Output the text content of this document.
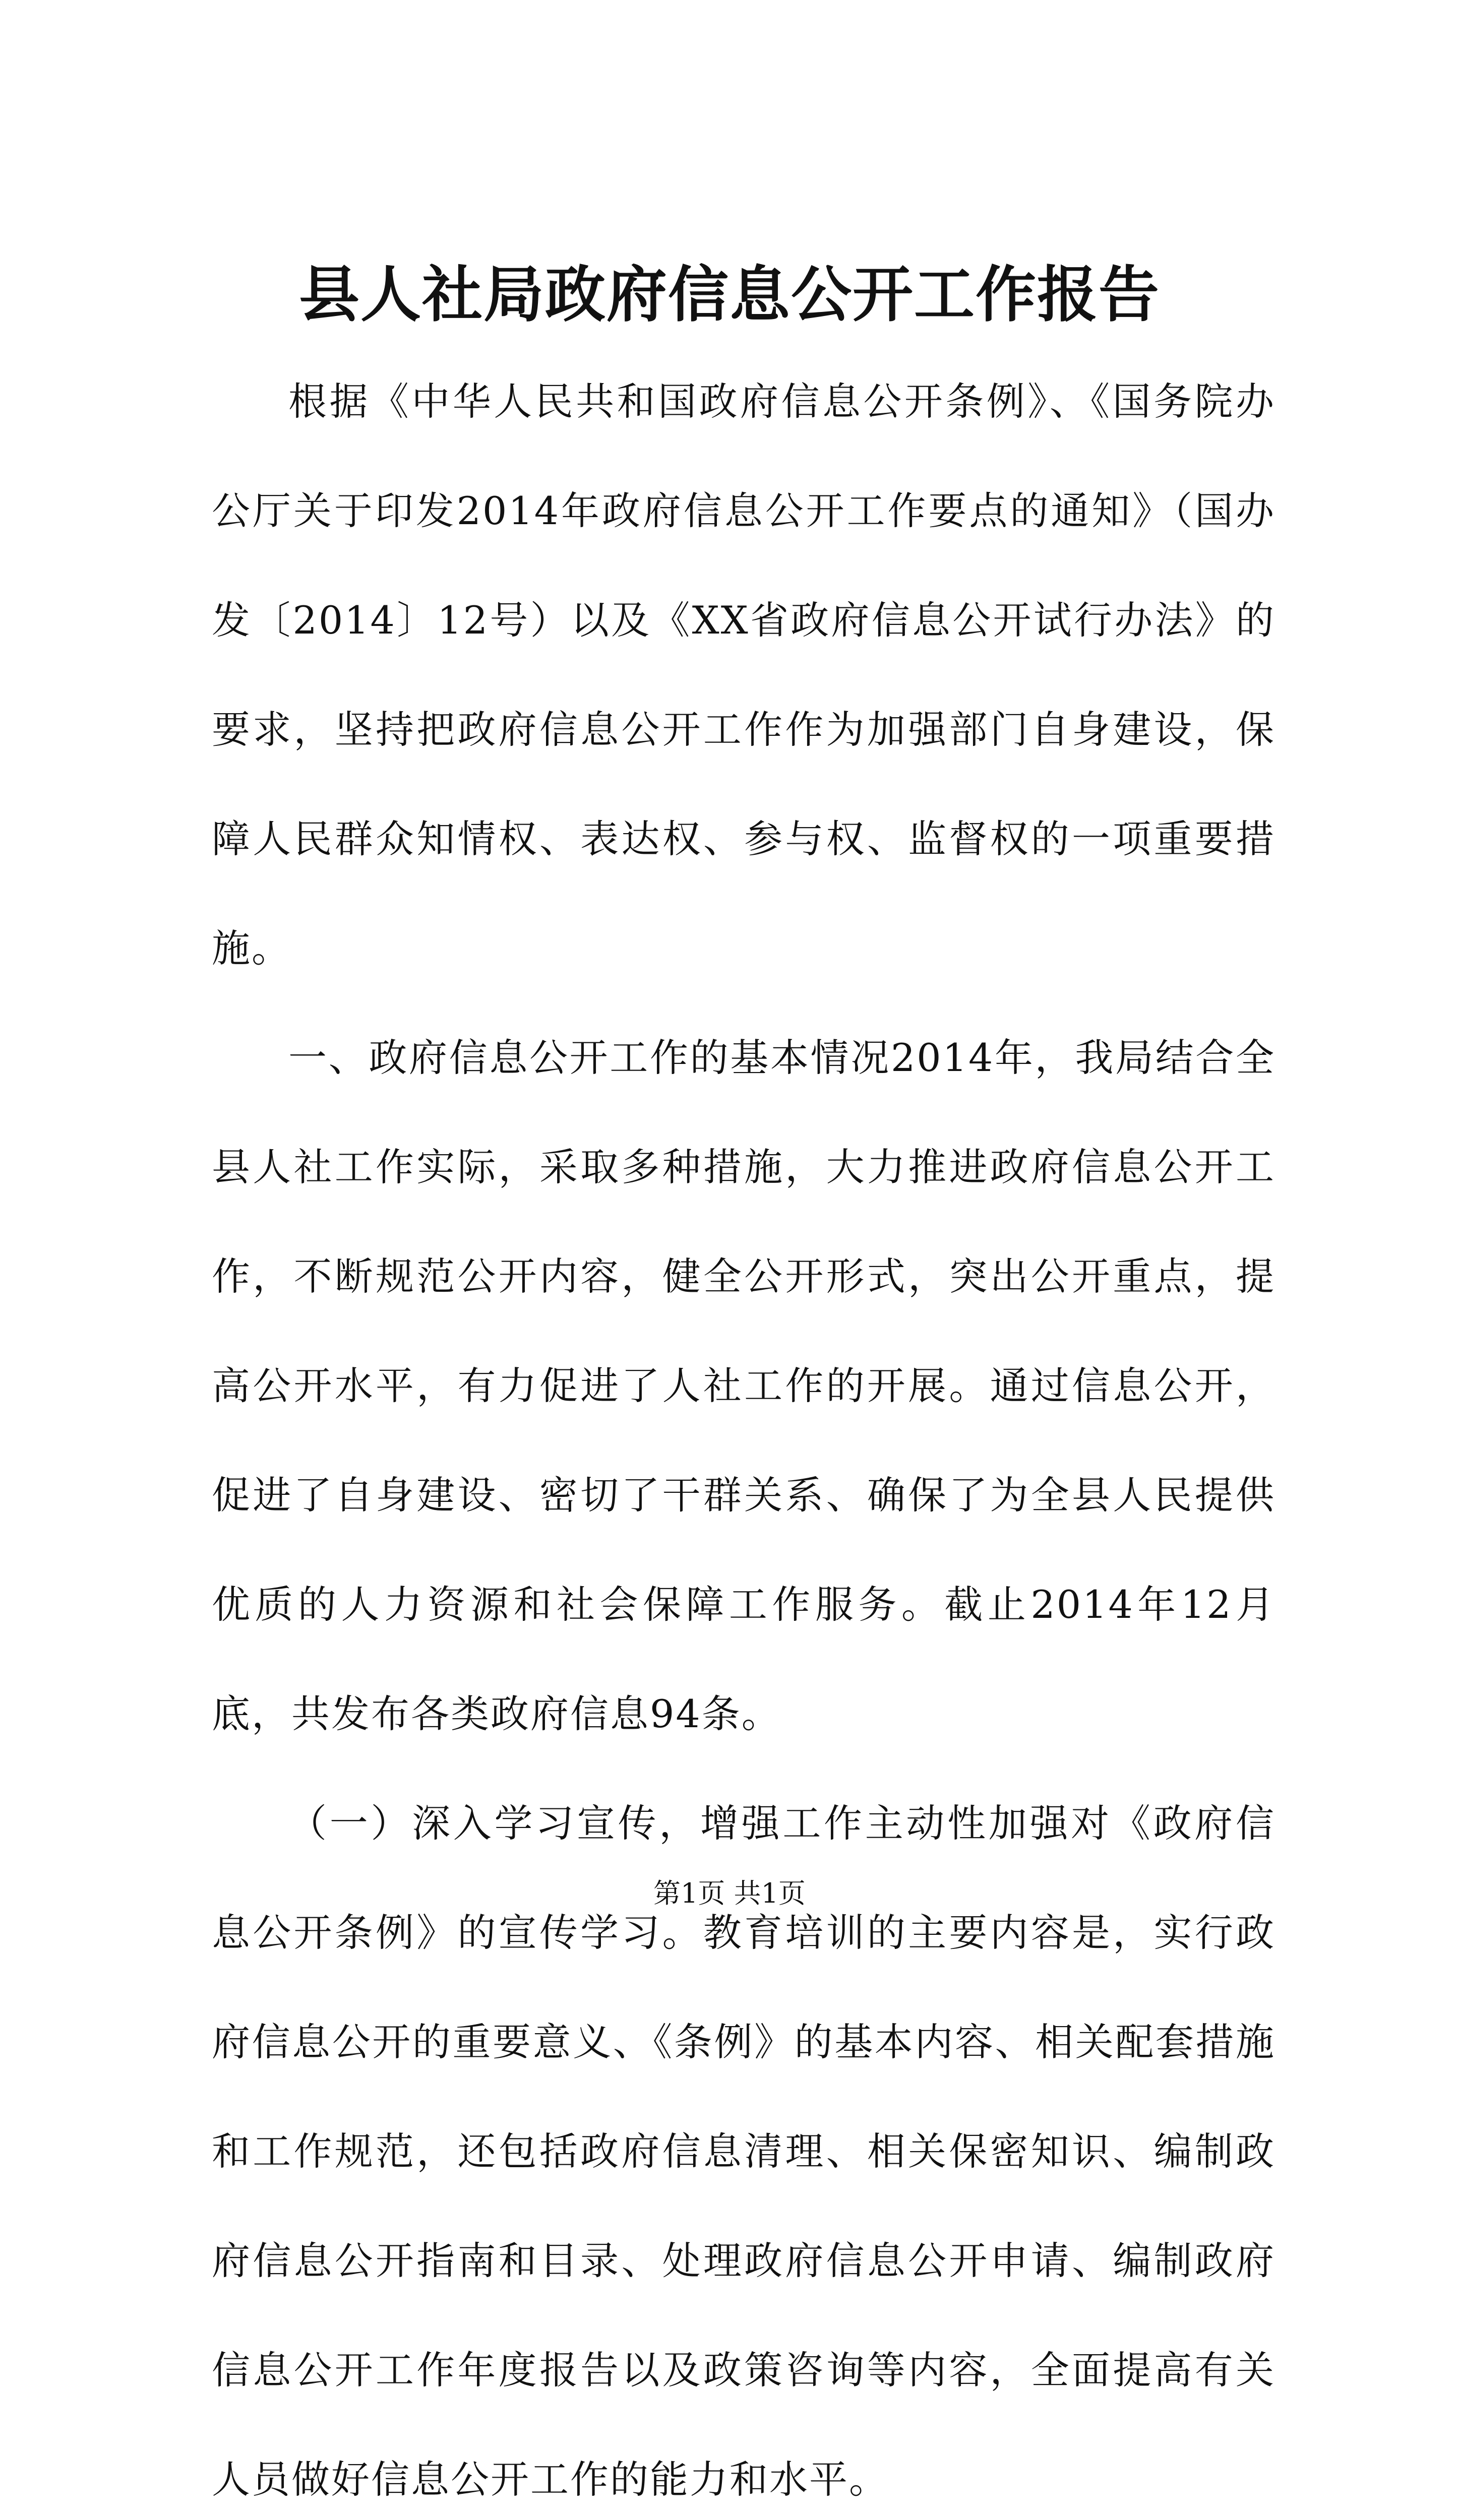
县人社局政府信息公开工作报告

根据《中华人民共和国政府信息公开条例》、《国务院办公厅关于印发2014年政府信息公开工作要点的通知》（国办发〔2014〕12号）以及《XX省政府信息公开试行办法》的要求，坚持把政府信息公开工作作为加强部门自身建设，保障人民群众知情权、表达权、参与权、监督权的一项重要措施。

一、政府信息公开工作的基本情况2014年，我局结合全县人社工作实际，采取多种措施，大力推进政府信息公开工作，不断规范公开内容，健全公开形式，突出公开重点，提高公开水平，有力促进了人社工作的开展。通过信息公开，促进了自身建设、密切了干群关系、确保了为全县人民提供优质的人力资源和社会保障工作服务。截止2014年12月底，共发布各类政府信息94条。

（一）深入学习宣传，增强工作主动性加强对《政府信息公开条例》的宣传学习。教育培训的主要内容是，实行政府信息公开的重要意义、《条例》的基本内容、相关配套措施和工作规范，还包括政府信息清理、相关保密知识、编制政府信息公开指南和目录、处理政府信息公开申请、编制政府信息公开工作年度报告以及政策咨询等内容，全面提高有关人员做好信息公开工作的能力和水平。

第1页 共1页
